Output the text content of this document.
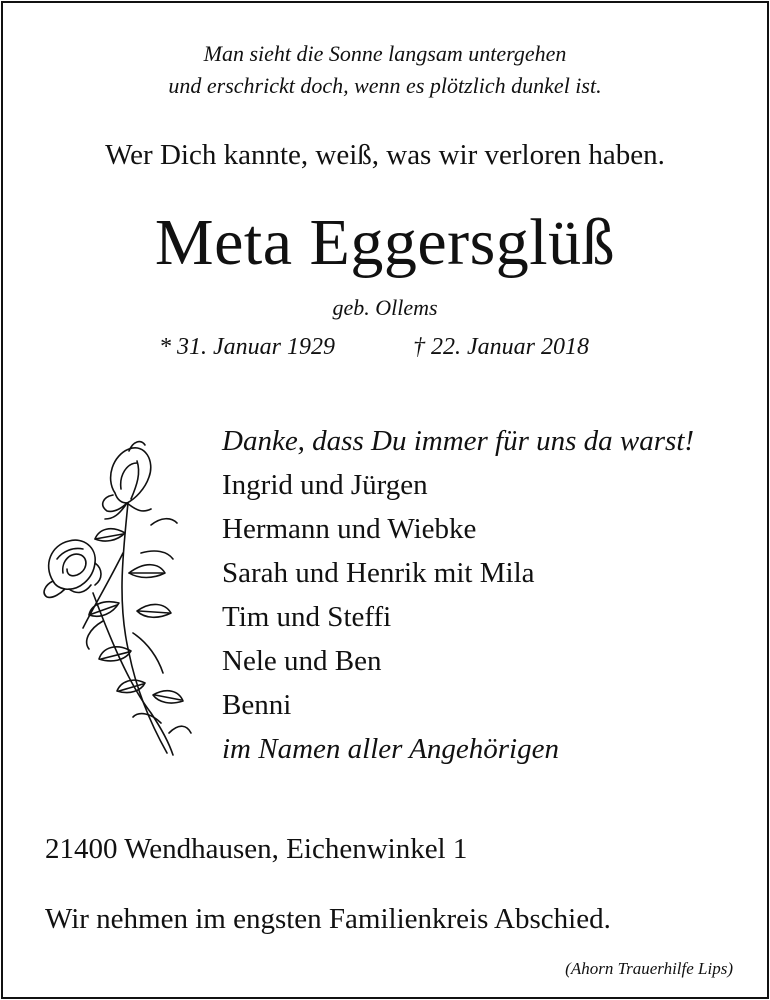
Man sieht die Sonne langsam untergehen
und erschrickt doch, wenn es plötzlich dunkel ist.
Wer Dich kannte, weiß, was wir verloren haben.
Meta Eggersglüß
geb. Ollems
* 31. Januar 1929	† 22. Januar 2018
Danke, dass Du immer für uns da warst!
Ingrid und Jürgen
Hermann und Wiebke
Sarah und Henrik mit Mila
Tim und Steffi
Nele und Ben
Benni
im Namen aller Angehörigen
21400 Wendhausen, Eichenwinkel 1
Wir nehmen im engsten Familienkreis Abschied.
(Ahorn Trauerhilfe Lips)
